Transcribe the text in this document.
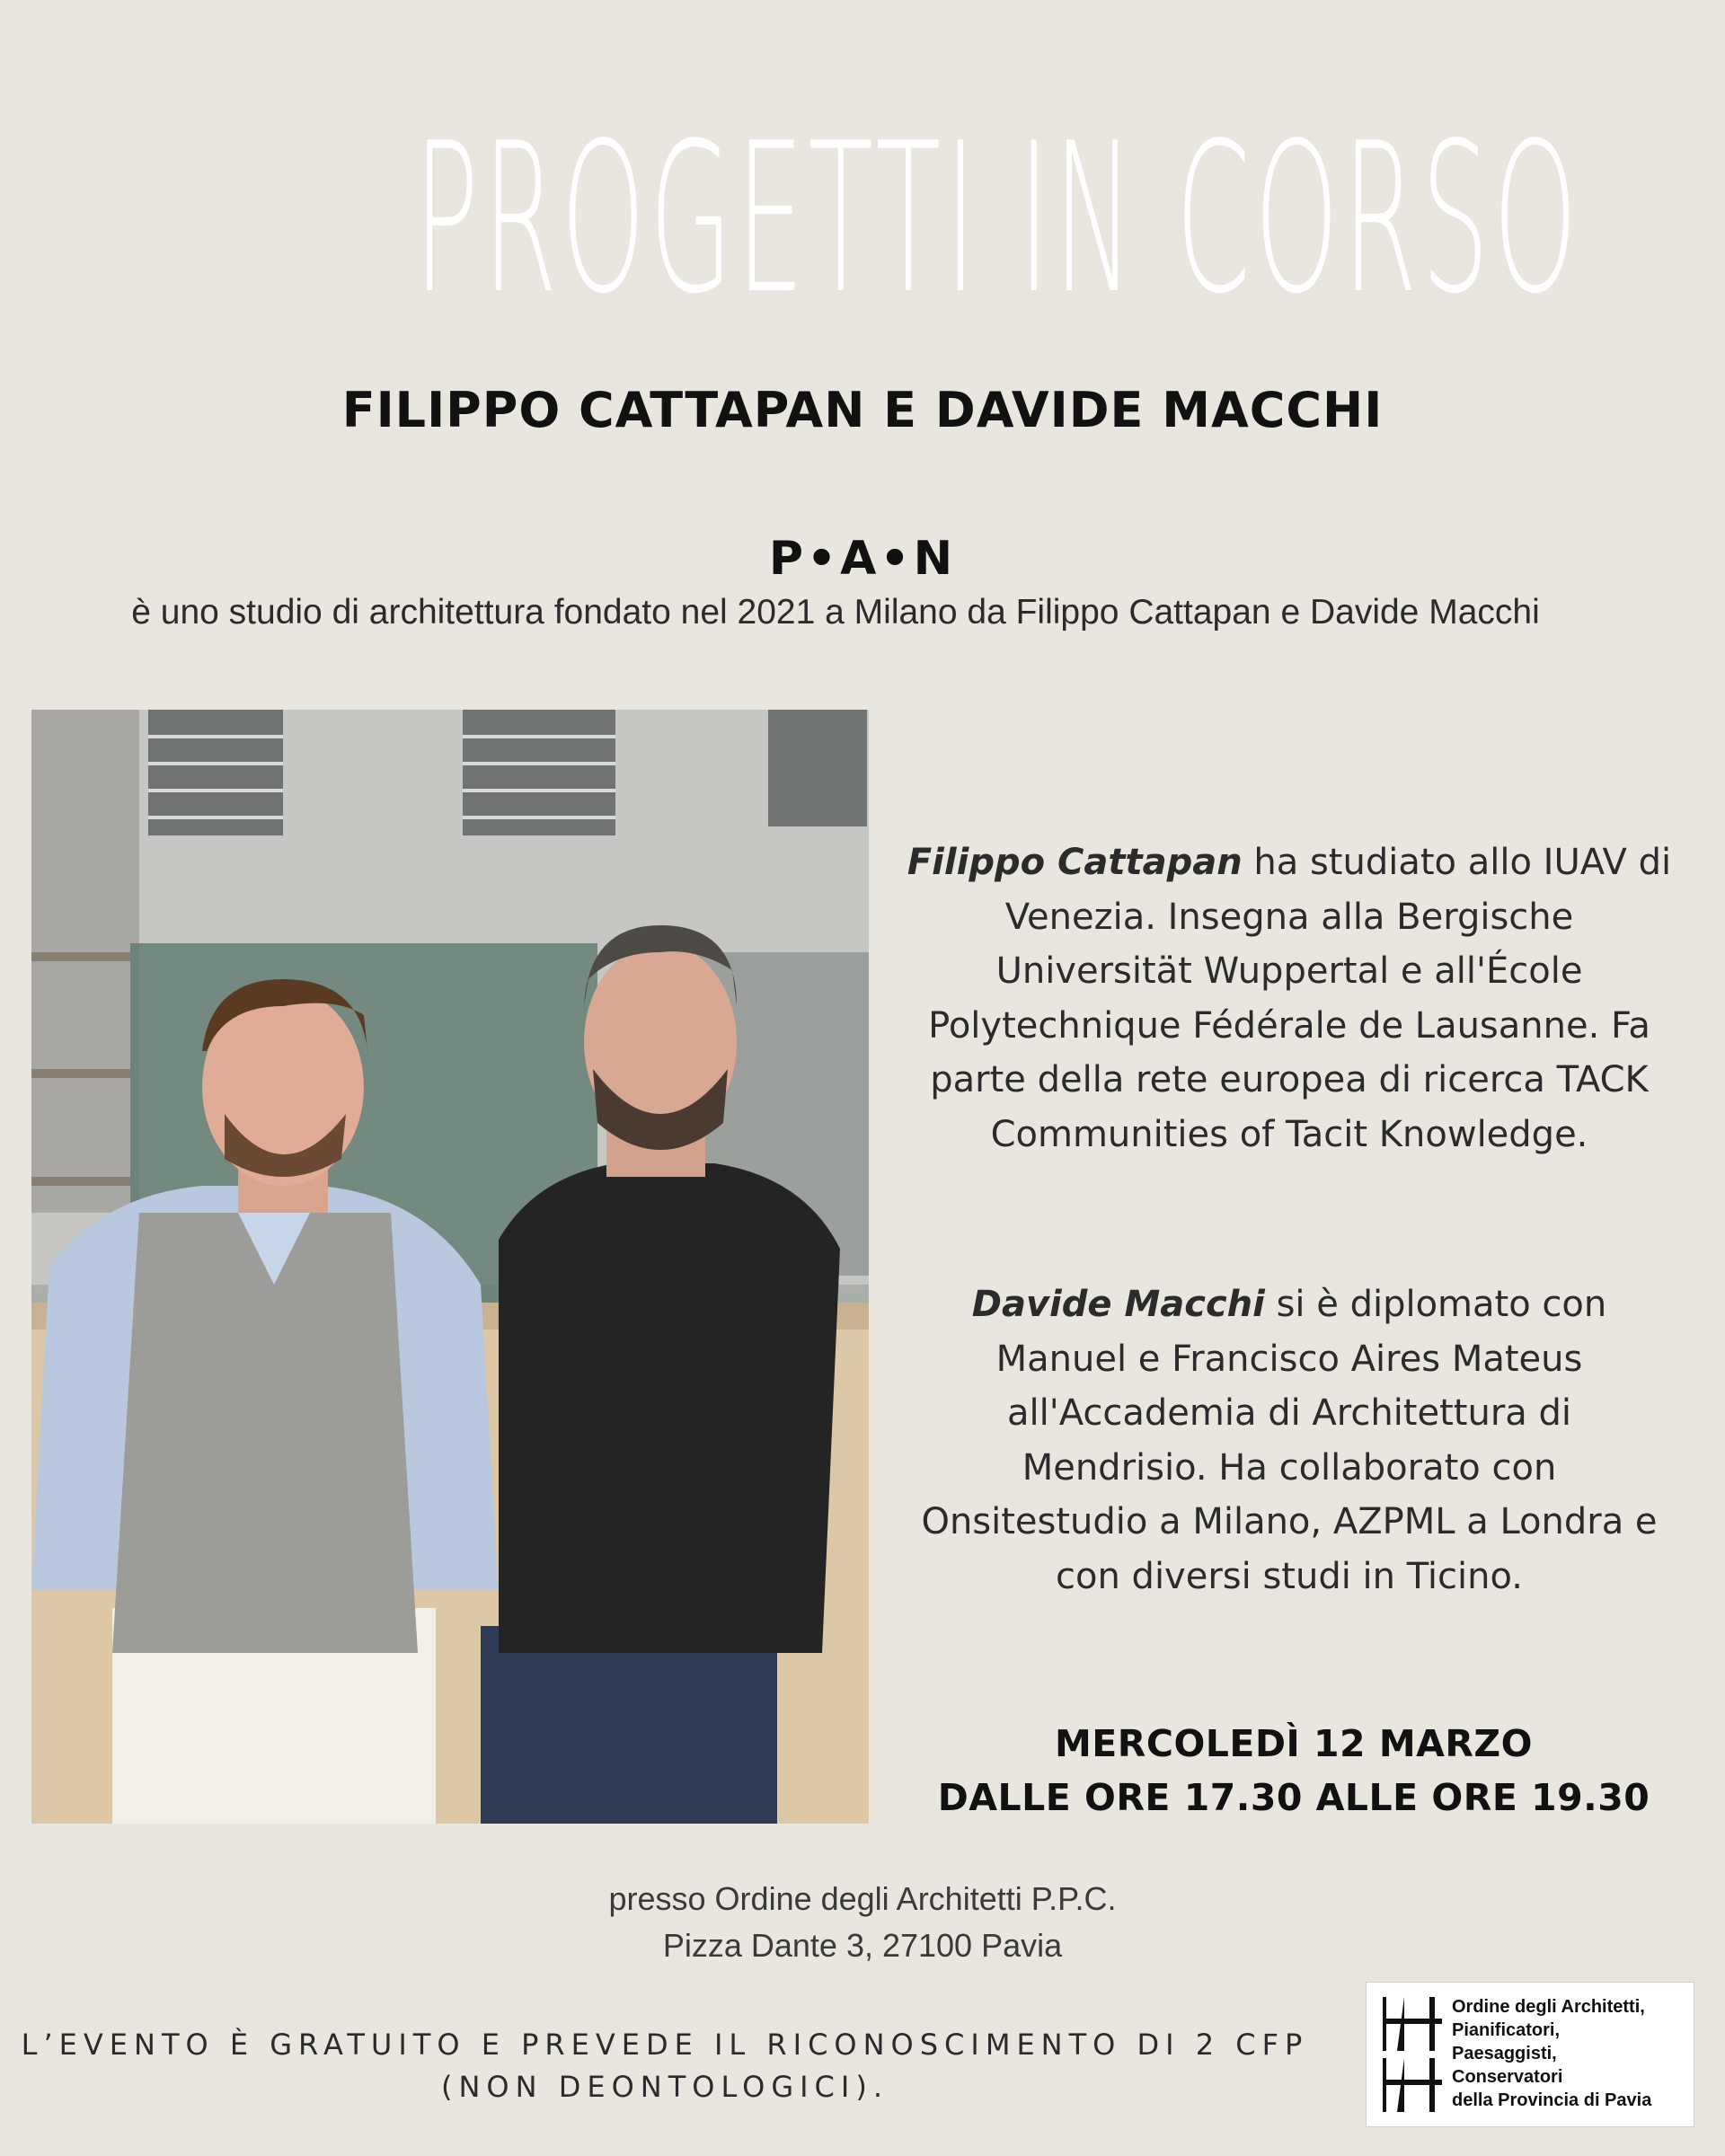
PROGETTI IN CORSO
FILIPPO CATTAPAN E DAVIDE MACCHI
P•A•N
è uno studio di architettura fondato nel 2021 a Milano da Filippo Cattapan e Davide Macchi

Filippo Cattapan ha studiato allo IUAV di
Venezia. Insegna alla Bergische
Universität Wuppertal e all'École
Polytechnique Fédérale de Lausanne. Fa
parte della rete europea di ricerca TACK
Communities of Tacit Knowledge.

Davide Macchi si è diplomato con
Manuel e Francisco Aires Mateus
all'Accademia di Architettura di
Mendrisio. Ha collaborato con
Onsitestudio a Milano, AZPML a Londra e
con diversi studi in Ticino.

MERCOLEDÌ 12 MARZO
DALLE ORE 17.30 ALLE ORE 19.30
presso Ordine degli Architetti P.P.C.
Pizza Dante 3, 27100 Pavia
L’EVENTO È GRATUITO E PREVEDE IL RICONOSCIMENTO DI 2 CFP
(NON DEONTOLOGICI).
Ordine degli Architetti,
Pianificatori,
Paesaggisti,
Conservatori
della Provincia di Pavia
